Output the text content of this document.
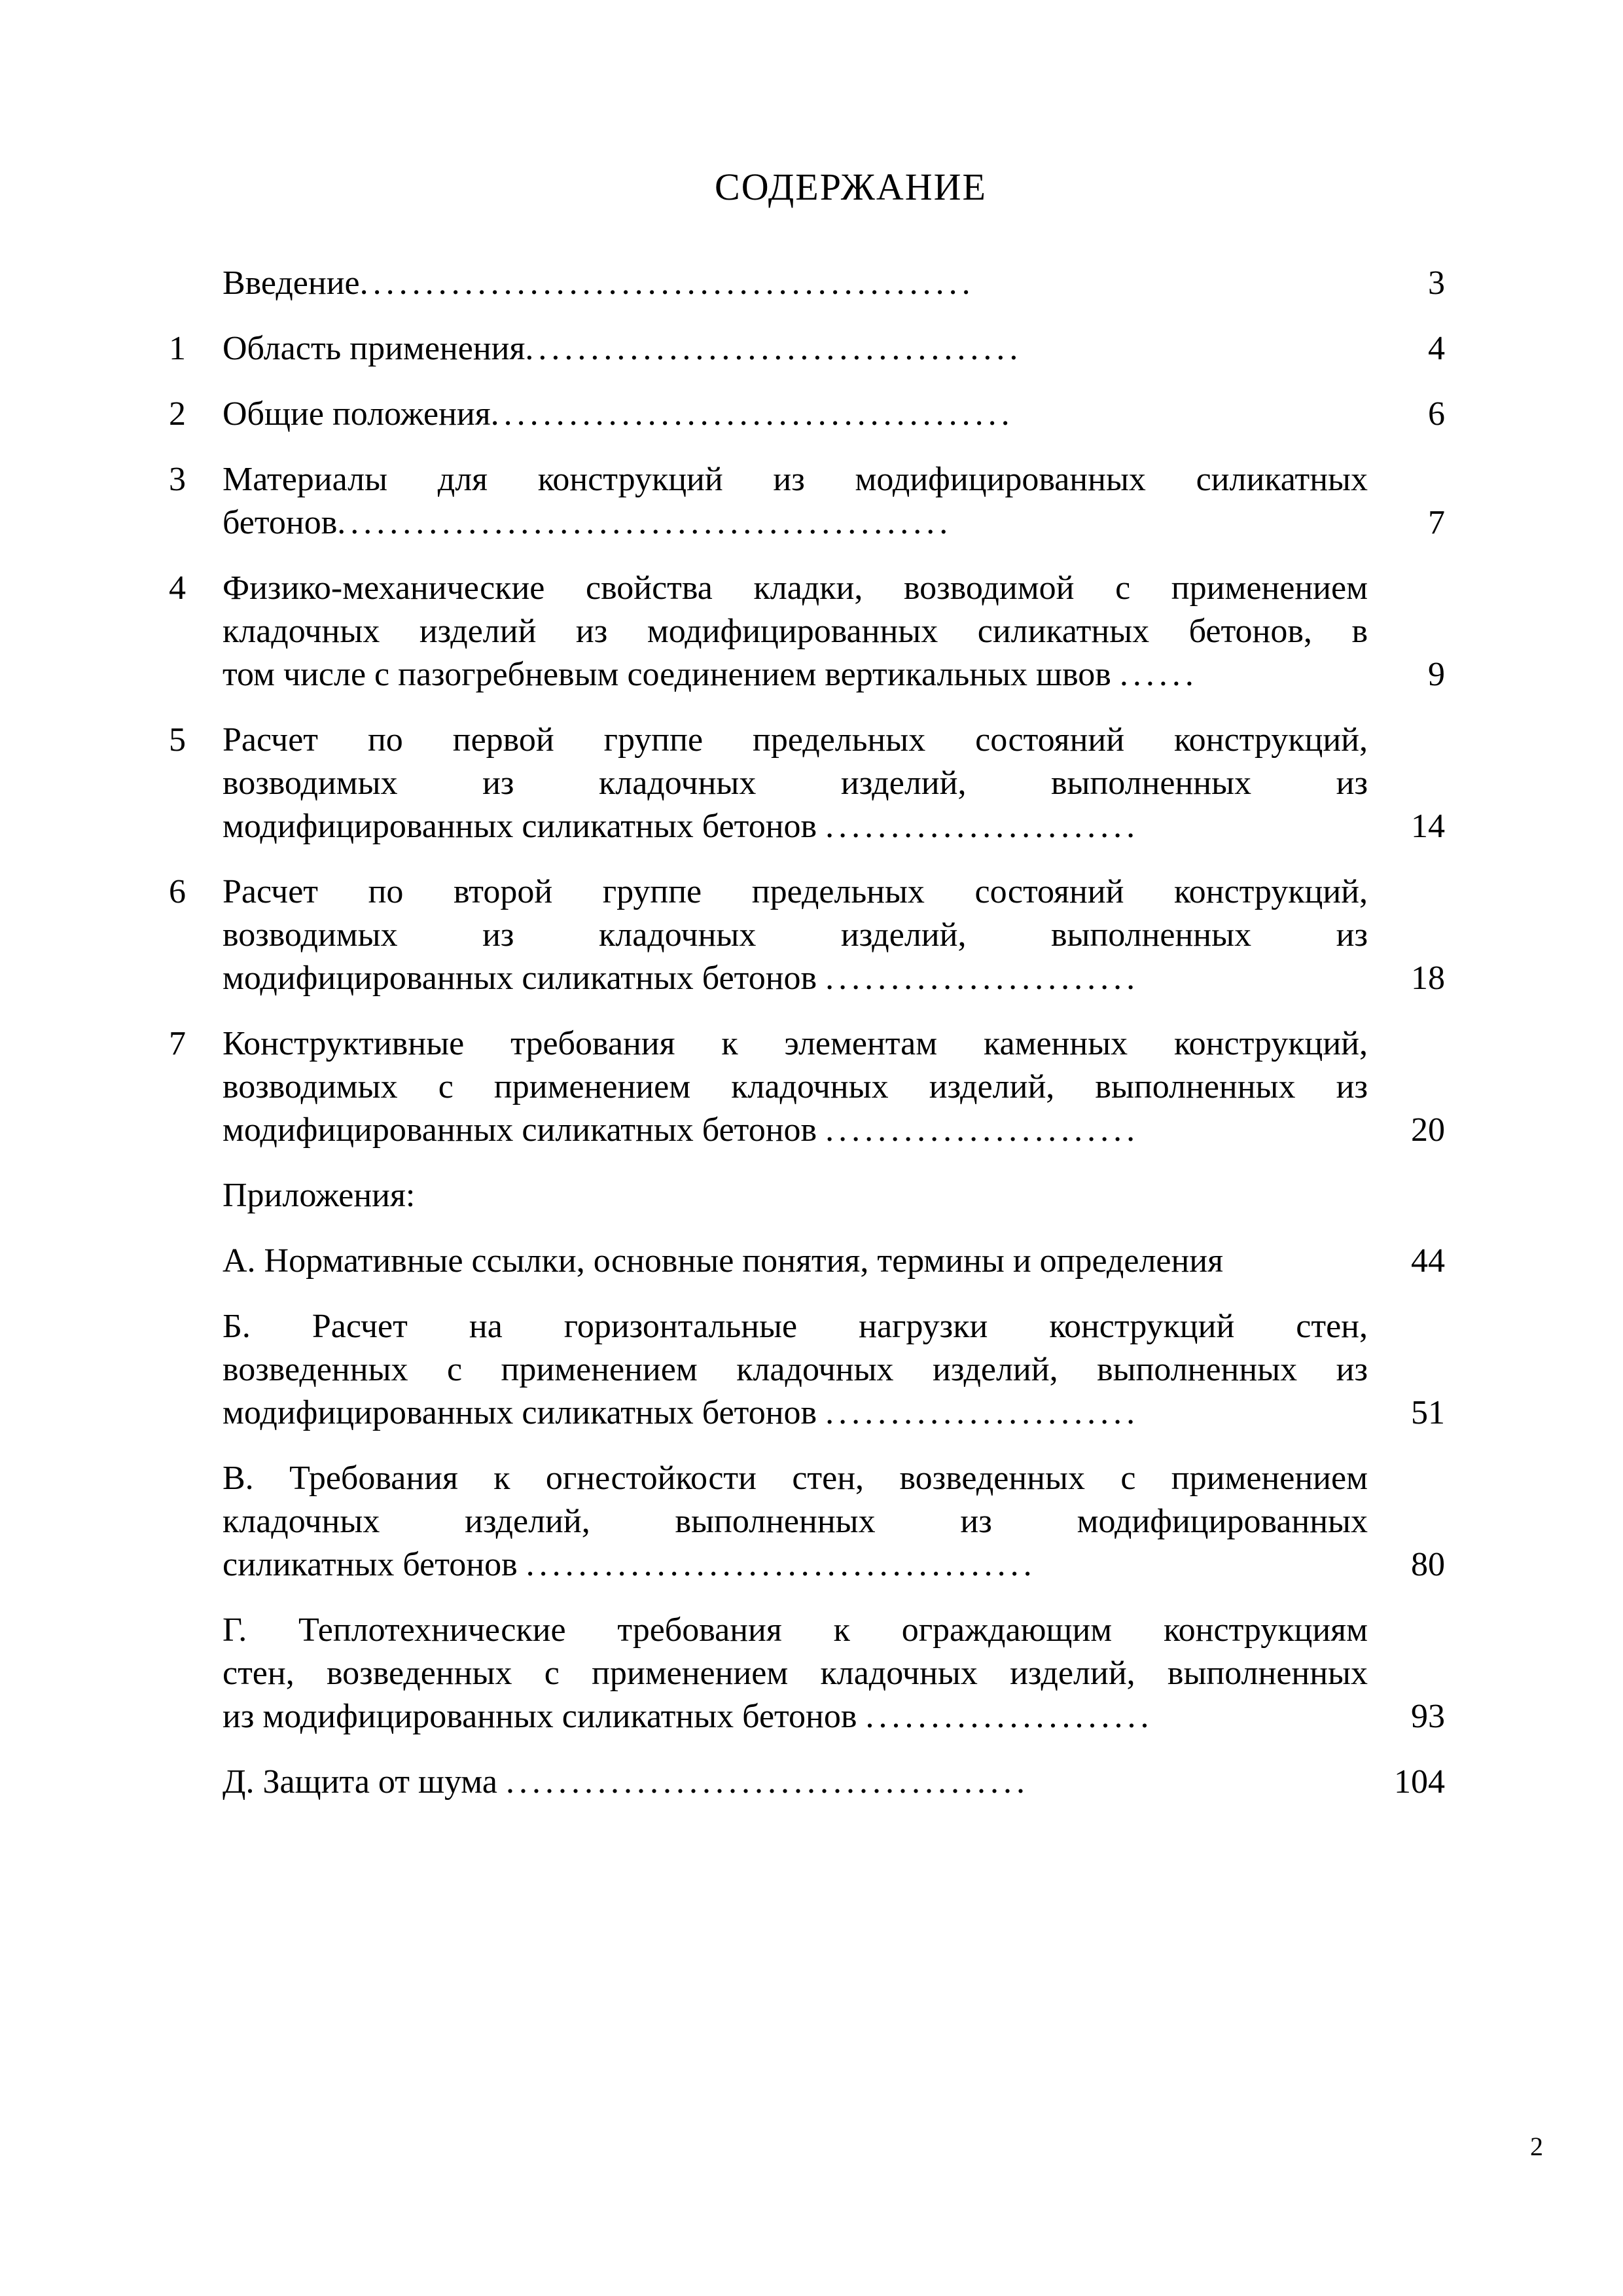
СОДЕРЖАНИЕ
Введение...............................................	3
1 Область применения......................................	4
2 Общие положения........................................	6
3 Материалы для конструкций из модифицированных силикатных
бетонов...............................................	7
4 Физико-механические свойства кладки, возводимой с применением
кладочных изделий из модифицированных силикатных бетонов, в
том числе с пазогребневым соединением вертикальных швов ......	9
5 Расчет по первой группе предельных состояний конструкций,
возводимых из кладочных изделий, выполненных из
модифицированных силикатных бетонов ........................	14
6 Расчет по второй группе предельных состояний конструкций,
возводимых из кладочных изделий, выполненных из
модифицированных силикатных бетонов ........................	18
7 Конструктивные требования к элементам каменных конструкций,
возводимых с применением кладочных изделий, выполненных из
модифицированных силикатных бетонов ........................	20
Приложения:
А. Нормативные ссылки, основные понятия, термины и определения	44
Б. Расчет на горизонтальные нагрузки конструкций стен,
возведенных с применением кладочных изделий, выполненных из
модифицированных силикатных бетонов ........................	51
В. Требования к огнестойкости стен, возведенных с применением
кладочных изделий, выполненных из модифицированных
силикатных бетонов .......................................	80
Г. Теплотехнические требования к ограждающим конструкциям
стен, возведенных с применением кладочных изделий, выполненных
из модифицированных силикатных бетонов ......................	93
Д. Защита от шума ........................................	104
2
